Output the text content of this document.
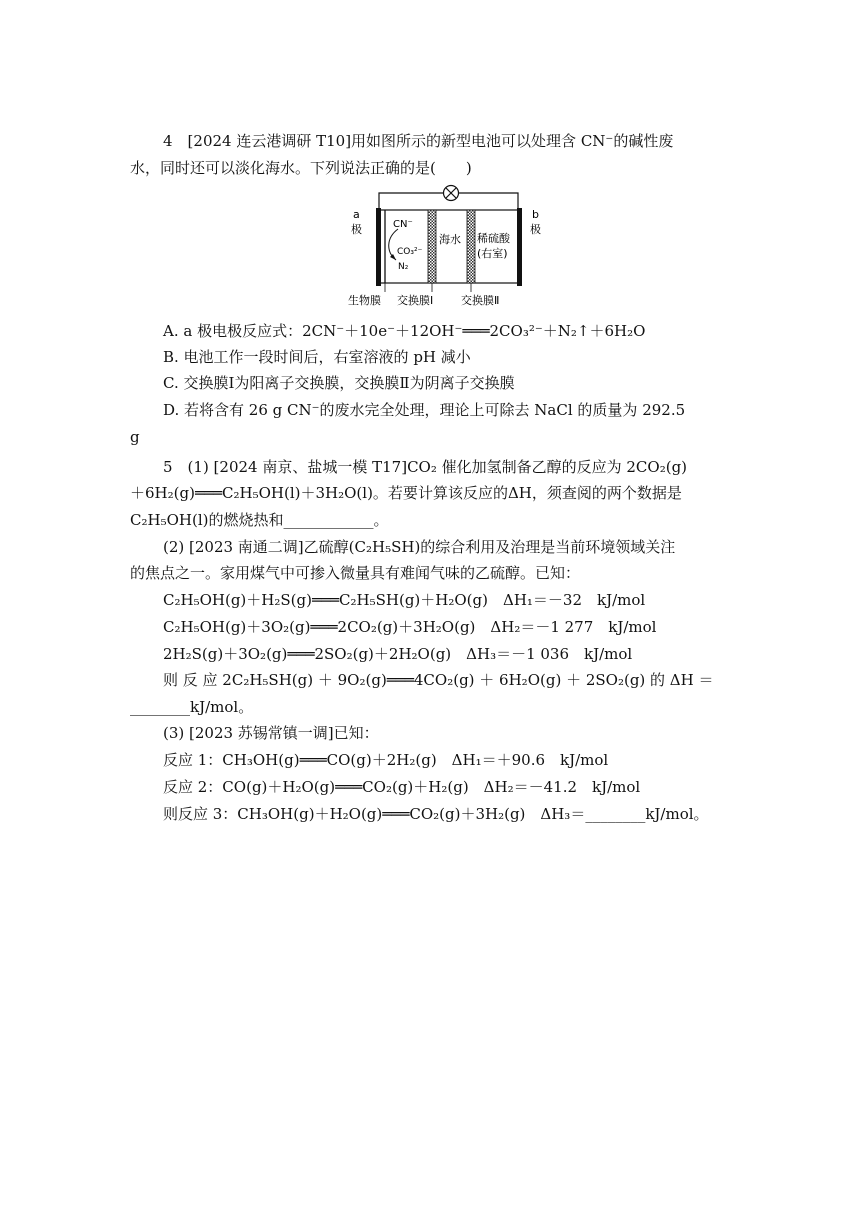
4　[2024 连云港调研 T10]用如图所示的新型电池可以处理含 CN⁻的碱性废
水，同时还可以淡化海水。下列说法正确的是(　　)
a
极
b
极
CN⁻
CO₃²⁻
N₂
海水 稀硫酸
(右室)
生物膜 交换膜Ⅰ	交换膜Ⅱ
A. a 极电极反应式：2CN⁻＋10e⁻＋12OH⁻═══2CO₃²⁻＋N₂↑＋6H₂O
B. 电池工作一段时间后，右室溶液的 pH 减小
C. 交换膜Ⅰ为阳离子交换膜，交换膜Ⅱ为阴离子交换膜
D. 若将含有 26 g CN⁻的废水完全处理，理论上可除去 NaCl 的质量为 292.5
g
5　(1) [2024 南京、盐城一模 T17]CO₂ 催化加氢制备乙醇的反应为 2CO₂(g)
＋6H₂(g)═══C₂H₅OH(l)＋3H₂O(l)。若要计算该反应的ΔH，须查阅的两个数据是
C₂H₅OH(l)的燃烧热和____________。
(2) [2023 南通二调]乙硫醇(C₂H₅SH)的综合利用及治理是当前环境领域关注
的焦点之一。家用煤气中可掺入微量具有难闻气味的乙硫醇。已知：
C₂H₅OH(g)＋H₂S(g)═══C₂H₅SH(g)＋H₂O(g)　ΔH₁＝－32　kJ/mol
C₂H₅OH(g)＋3O₂(g)═══2CO₂(g)＋3H₂O(g)　ΔH₂＝－1 277　kJ/mol
2H₂S(g)＋3O₂(g)═══2SO₂(g)＋2H₂O(g)　ΔH₃＝－1 036　kJ/mol
则 反 应 2C₂H₅SH(g) ＋ 9O₂(g)═══4CO₂(g) ＋ 6H₂O(g) ＋ 2SO₂(g) 的 ΔH ＝
________kJ/mol。
(3) [2023 苏锡常镇一调]已知：
反应 1：CH₃OH(g)═══CO(g)＋2H₂(g)　ΔH₁＝＋90.6　kJ/mol
反应 2：CO(g)＋H₂O(g)═══CO₂(g)＋H₂(g)　ΔH₂＝－41.2　kJ/mol
则反应 3：CH₃OH(g)＋H₂O(g)═══CO₂(g)＋3H₂(g)　ΔH₃＝________kJ/mol。
